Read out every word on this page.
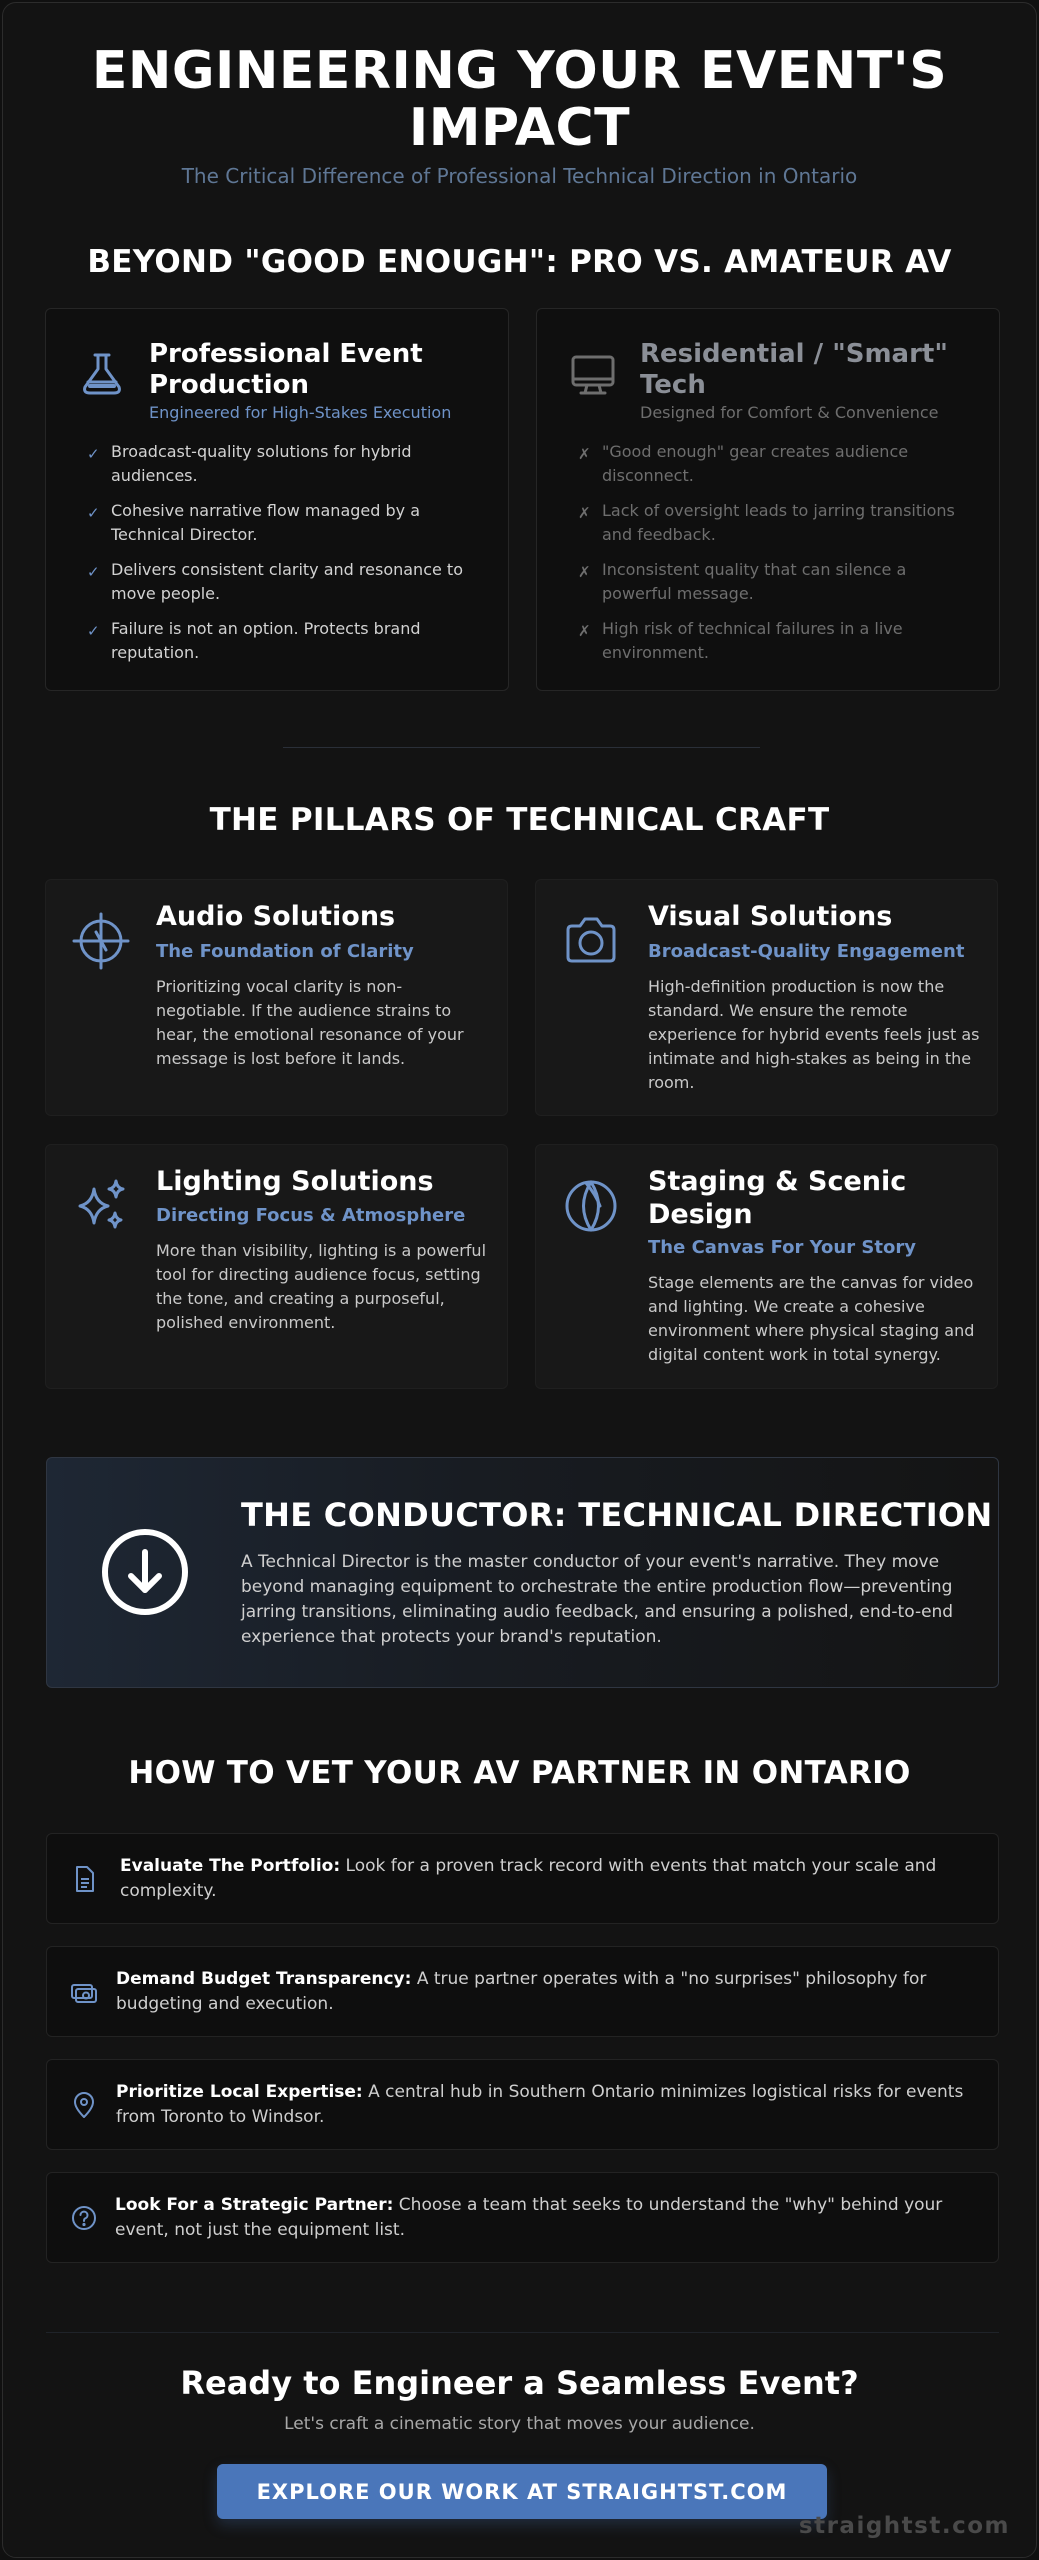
ENGINEERING YOUR EVENT'S
IMPACT
The Critical Difference of Professional Technical Direction in Ontario
BEYOND "GOOD ENOUGH": PRO VS. AMATEUR AV
Professional Event Production
Engineered for High-Stakes Execution
✓ Broadcast-quality solutions for hybrid audiences.
✓ Cohesive narrative flow managed by a Technical Director.
✓ Delivers consistent clarity and resonance to move people.
✓ Failure is not an option. Protects brand reputation.
Residential / "Smart" Tech
Designed for Comfort & Convenience
✗ "Good enough" gear creates audience disconnect.
✗ Lack of oversight leads to jarring transitions and feedback.
✗ Inconsistent quality that can silence a powerful message.
✗ High risk of technical failures in a live environment.
THE PILLARS OF TECHNICAL CRAFT
Audio Solutions
The Foundation of Clarity
Prioritizing vocal clarity is non-negotiable. If the audience strains to hear, the emotional resonance of your message is lost before it lands.
Visual Solutions
Broadcast-Quality Engagement
High-definition production is now the standard. We ensure the remote experience for hybrid events feels just as intimate and high-stakes as being in the room.
Lighting Solutions
Directing Focus & Atmosphere
More than visibility, lighting is a powerful tool for directing audience focus, setting the tone, and creating a purposeful, polished environment.
Staging & Scenic Design
The Canvas For Your Story
Stage elements are the canvas for video and lighting. We create a cohesive environment where physical staging and digital content work in total synergy.
THE CONDUCTOR: TECHNICAL DIRECTION
A Technical Director is the master conductor of your event's narrative. They move beyond managing equipment to orchestrate the entire production flow—preventing jarring transitions, eliminating audio feedback, and ensuring a polished, end-to-end experience that protects your brand's reputation.
HOW TO VET YOUR AV PARTNER IN ONTARIO
Evaluate The Portfolio: Look for a proven track record with events that match your scale and complexity.
Demand Budget Transparency: A true partner operates with a "no surprises" philosophy for budgeting and execution.
Prioritize Local Expertise: A central hub in Southern Ontario minimizes logistical risks for events from Toronto to Windsor.
Look For a Strategic Partner: Choose a team that seeks to understand the "why" behind your event, not just the equipment list.
Ready to Engineer a Seamless Event?
Let's craft a cinematic story that moves your audience.
EXPLORE OUR WORK AT STRAIGHTST.COM
straightst.com
